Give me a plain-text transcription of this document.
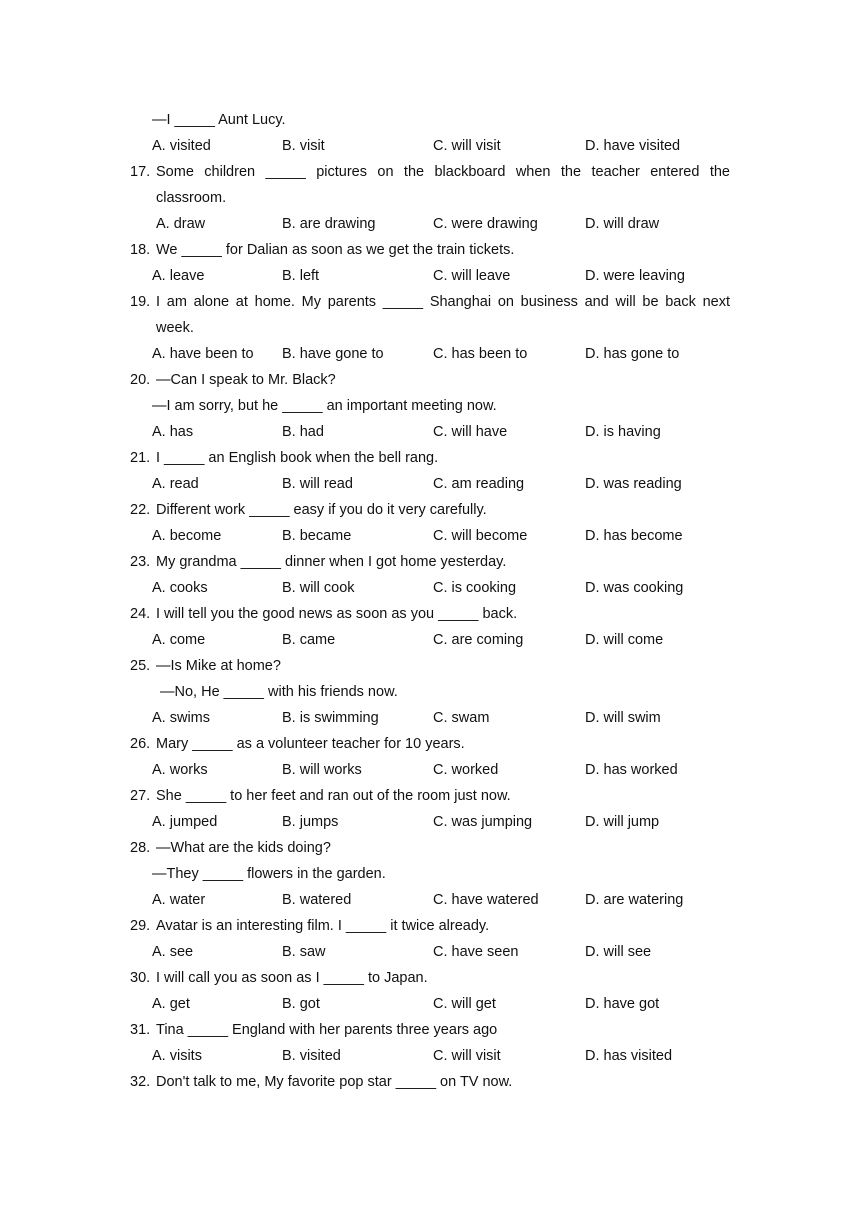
—I _____ Aunt Lucy.
A. visited	B. visit	C. will visit	D. have visited
17. Some children _____ pictures on the blackboard when the teacher entered the
classroom.
A. draw	B. are drawing	C. were drawing	D. will draw
18. We _____ for Dalian as soon as we get the train tickets.
A. leave	B. left	C. will leave	D. were leaving
19. I am alone at home. My parents _____ Shanghai on business and will be back next
week.
A. have been to B. have gone to	C. has been to	D. has gone to
20. —Can I speak to Mr. Black?
—I am sorry, but he _____ an important meeting now.
A. has	B. had	C. will have	D. is having
21. I _____ an English book when the bell rang.
A. read	B. will read	C. am reading	D. was reading
22. Different work _____ easy if you do it very carefully.
A. become	B. became	C. will become	D. has become
23. My grandma _____ dinner when I got home yesterday.
A. cooks	B. will cook	C. is cooking	D. was cooking
24. I will tell you the good news as soon as you _____ back.
A. come	B. came	C. are coming	D. will come
25. —Is Mike at home?
—No, He _____ with his friends now.
A. swims	B. is swimming	C. swam	D. will swim
26. Mary _____ as a volunteer teacher for 10 years.
A. works	B. will works	C. worked	D. has worked
27. She _____ to her feet and ran out of the room just now.
A. jumped	B. jumps	C. was jumping	D. will jump
28. —What are the kids doing?
—They _____ flowers in the garden.
A. water	B. watered	C. have watered	D. are watering
29. Avatar is an interesting film. I _____ it twice already.
A. see	B. saw	C. have seen	D. will see
30. I will call you as soon as I _____ to Japan.
A. get	B. got	C. will get	D. have got
31. Tina _____ England with her parents three years ago
A. visits	B. visited	C. will visit	D. has visited
32. Don't talk to me, My favorite pop star _____ on TV now.
